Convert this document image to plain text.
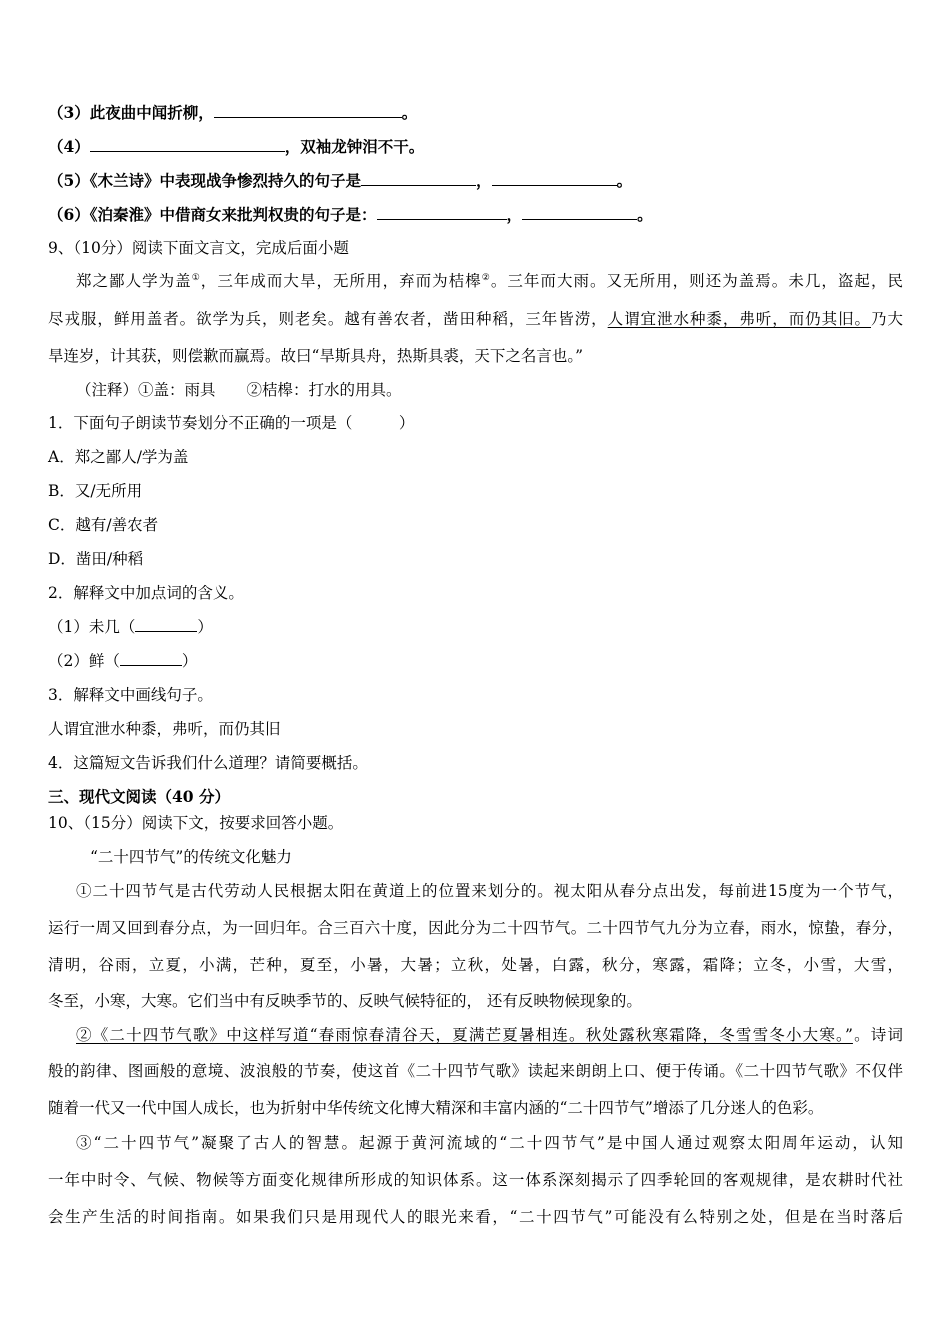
（3）此夜曲中闻折柳，	。
（4）	，双袖龙钟泪不干。
（5）《木兰诗》中表现战争惨烈持久的句子是	，	。
（6）《泊秦淮》中借商女来批判权贵的句子是：	，	。
9、（10分）阅读下面文言文，完成后面小题
郑之鄙人学为盖①，三年成而大旱，无所用，弃而为桔槔②。三年而大雨。又无所用，则还为盖焉。未几，盗起，民
尽戎服，鲜用盖者。欲学为兵，则老矣。越有善农者，凿田种稻，三年皆涝，人谓宜泄水种黍，弗听，而仍其旧。乃大
旱连岁，计其获，则偿歉而赢焉。故曰“旱斯具舟，热斯具裘，天下之名言也。”
（注释）①盖：雨具　　②桔槔：打水的用具。
1．下面句子朗读节奏划分不正确的一项是（　　　）
A．郑之鄙人/学为盖
B．又/无所用
C．越有/善农者
D．凿田/种稻
2．解释文中加点词的含义。
（1）未几（	）
（2）鲜（	）
3．解释文中画线句子。
人谓宜泄水种黍，弗听，而仍其旧
4．这篇短文告诉我们什么道理？请简要概括。
三、现代文阅读（40 分）
10、（15分）阅读下文，按要求回答小题。
“二十四节气”的传统文化魅力
①二十四节气是古代劳动人民根据太阳在黄道上的位置来划分的。视太阳从春分点出发，每前进15度为一个节气，
运行一周又回到春分点，为一回归年。合三百六十度，因此分为二十四节气。二十四节气九分为立春，雨水，惊蛰，春分，
清明，谷雨，立夏，小满，芒种，夏至，小暑，大暑；立秋，处暑，白露，秋分，寒露，霜降；立冬，小雪，大雪，
冬至，小寒，大寒。它们当中有反映季节的、反映气候特征的， 还有反映物候现象的。
②《二十四节气歌》中这样写道“春雨惊春清谷天，夏满芒夏暑相连。秋处露秋寒霜降，冬雪雪冬小大寒。”。诗词
般的韵律、图画般的意境、波浪般的节奏，使这首《二十四节气歌》读起来朗朗上口、便于传诵。《二十四节气歌》不仅伴
随着一代又一代中国人成长，也为折射中华传统文化博大精深和丰富内涵的“二十四节气”增添了几分迷人的色彩。
③“二十四节气”凝聚了古人的智慧。起源于黄河流域的“二十四节气”是中国人通过观察太阳周年运动，认知
一年中时令、气候、物候等方面变化规律所形成的知识体系。这一体系深刻揭示了四季轮回的客观规律，是农耕时代社
会生产生活的时间指南。如果我们只是用现代人的眼光来看，“二十四节气”可能没有么特别之处，但是在当时落后
